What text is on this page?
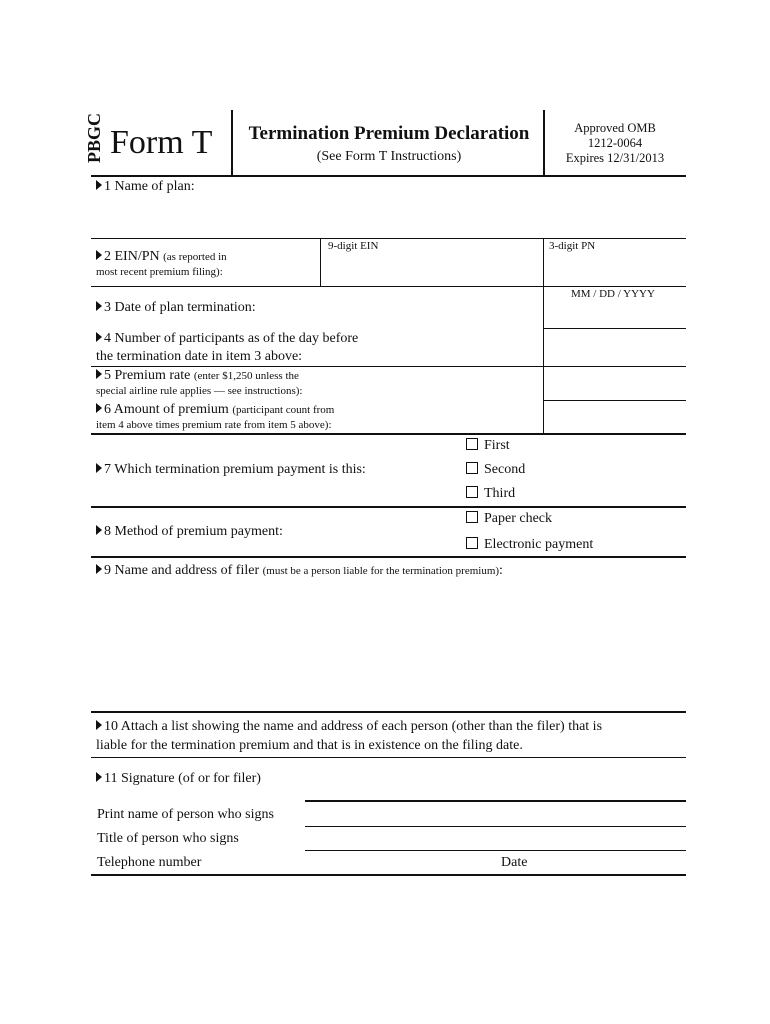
PBGC Form T	Termination Premium Declaration
(See Form T Instructions)
Approved OMB
1212-0064
Expires 12/31/2013
1 Name of plan:
2 EIN/PN (as reported in
most recent premium filing):
9-digit EIN	3-digit PN
MM / DD / YYYY
3 Date of plan termination:
4 Number of participants as of the day before
the termination date in item 3 above:
5 Premium rate (enter $1,250 unless the
special airline rule applies — see instructions):
6 Amount of premium (participant count from
item 4 above times premium rate from item 5 above):
7 Which termination premium payment is this:
First
Second
Third
8 Method of premium payment:
Paper check
Electronic payment
9 Name and address of filer (must be a person liable for the termination premium):
10 Attach a list showing the name and address of each person (other than the filer) that is
liable for the termination premium and that is in existence on the filing date.
11 Signature (of or for filer)
Print name of person who signs
Title of person who signs
Telephone number	Date
